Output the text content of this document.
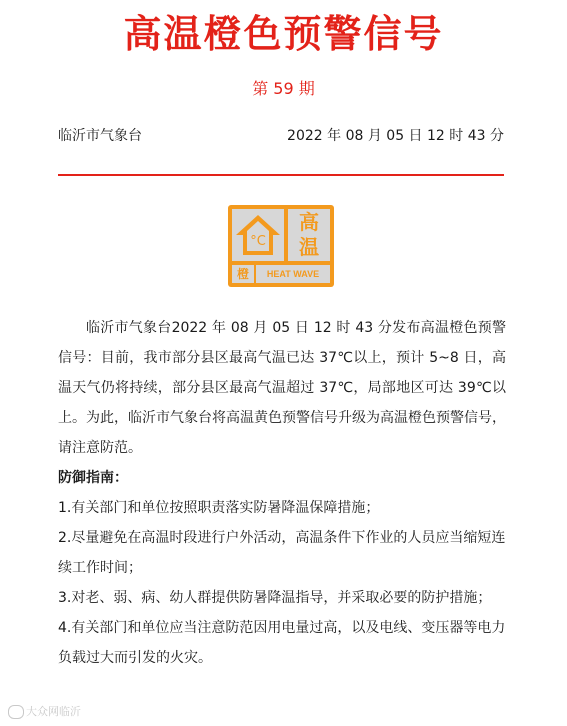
高温橙色预警信号
第 59 期
临沂市气象台	2022 年 08 月 05 日 12 时 43 分
°C
高温
橙	HEAT WAVE

临沂市气象台2022 年 08 月 05 日 12 时 43 分发布高温橙色预警信号：目前，我市部分县区最高气温已达 37℃以上，预计 5~8 日，高温天气仍将持续，部分县区最高气温超过 37℃，局部地区可达 39℃以上。为此，临沂市气象台将高温黄色预警信号升级为高温橙色预警信号，请注意防范。

防御指南：

1.有关部门和单位按照职责落实防暑降温保障措施；

2.尽量避免在高温时段进行户外活动，高温条件下作业的人员应当缩短连续工作时间；

3.对老、弱、病、幼人群提供防暑降温指导，并采取必要的防护措施；

4.有关部门和单位应当注意防范因用电量过高，以及电线、变压器等电力负载过大而引发的火灾。

大众网临沂
